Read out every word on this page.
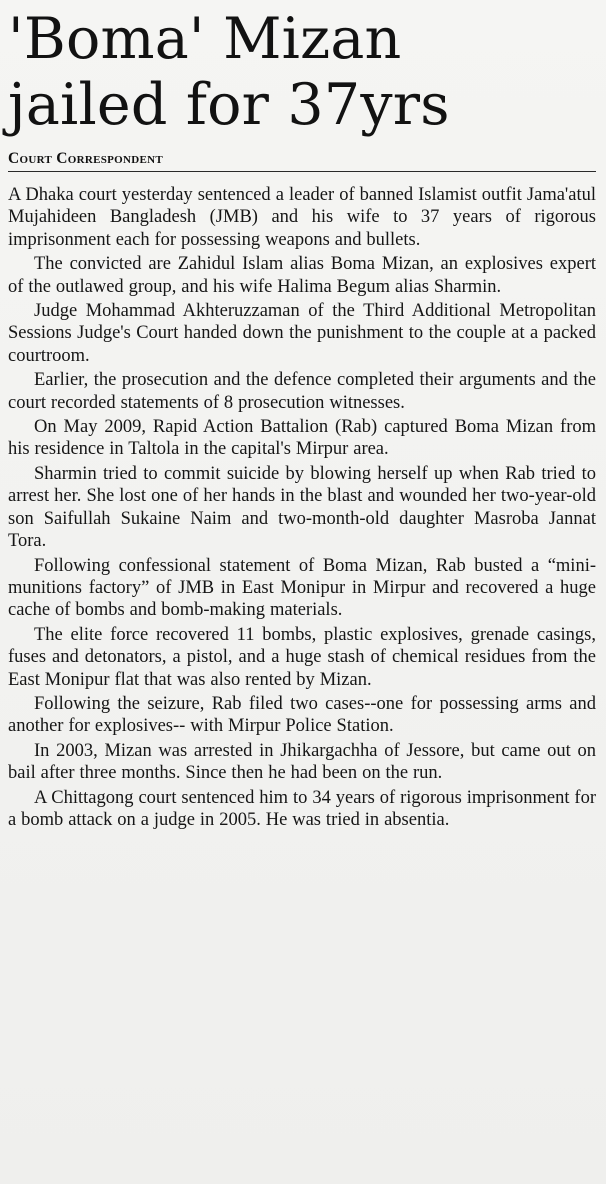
'Boma' Mizan
jailed for 37yrs
Court Correspondent

A Dhaka court yesterday sentenced a leader of banned Islamist outfit Jama'atul Mujahideen Bangladesh (JMB) and his wife to 37 years of rigorous imprisonment each for possessing weapons and bullets.

The convicted are Zahidul Islam alias Boma Mizan, an explosives expert of the outlawed group, and his wife Halima Begum alias Sharmin.

Judge Mohammad Akhteruzzaman of the Third Additional Metropolitan Sessions Judge's Court handed down the punishment to the couple at a packed courtroom.

Earlier, the prosecution and the defence completed their arguments and the court recorded statements of 8 prosecution witnesses.

On May 2009, Rapid Action Battalion (Rab) captured Boma Mizan from his residence in Taltola in the capital's Mirpur area.

Sharmin tried to commit suicide by blowing herself up when Rab tried to arrest her. She lost one of her hands in the blast and wounded her two-year-old son Saifullah Sukaine Naim and two-month-old daughter Masroba Jannat Tora.

Following confessional statement of Boma Mizan, Rab busted a “mini-munitions factory” of JMB in East Monipur in Mirpur and recovered a huge cache of bombs and bomb-making materials.

The elite force recovered 11 bombs, plastic explosives, grenade casings, fuses and detonators, a pistol, and a huge stash of chemical residues from the East Monipur flat that was also rented by Mizan.

Following the seizure, Rab filed two cases--one for possessing arms and another for explosives-- with Mirpur Police Station.

In 2003, Mizan was arrested in Jhikargachha of Jessore, but came out on bail after three months. Since then he had been on the run.

A Chittagong court sentenced him to 34 years of rigorous imprisonment for a bomb attack on a judge in 2005. He was tried in absentia.
